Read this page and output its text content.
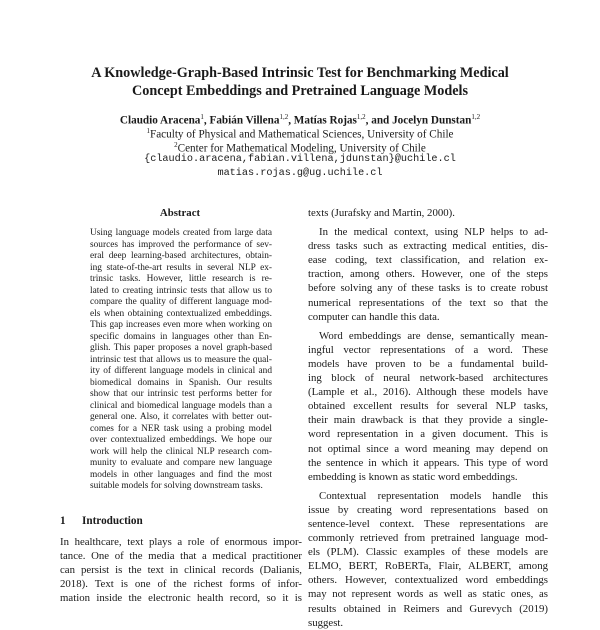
A Knowledge-Graph-Based Intrinsic Test for Benchmarking Medical
Concept Embeddings and Pretrained Language Models
Claudio Aracena$^1$, Fabián Villena$^{1,2}$, Matías Rojas$^{1,2}$, and Jocelyn Dunstan$^{1,2}$
$^1$Faculty of Physical and Mathematical Sciences, University of Chile
$^2$Center for Mathematical Modeling, University of Chile
{claudio.aracena,fabian.villena,jdunstan}@uchile.cl
matias.rojas.g@ug.uchile.cl
Abstract
Using language models created from large data
sources has improved the performance of sev-
eral deep learning-based architectures, obtain-
ing state-of-the-art results in several NLP ex-
trinsic tasks. However, little research is re-
lated to creating intrinsic tests that allow us to
compare the quality of different language mod-
els when obtaining contextualized embeddings.
This gap increases even more when working on
specific domains in languages other than En-
glish. This paper proposes a novel graph-based
intrinsic test that allows us to measure the qual-
ity of different language models in clinical and
biomedical domains in Spanish. Our results
show that our intrinsic test performs better for
clinical and biomedical language models than a
general one. Also, it correlates with better out-
comes for a NER task using a probing model
over contextualized embeddings. We hope our
work will help the clinical NLP research com-
munity to evaluate and compare new language
models in other languages and find the most
suitable models for solving downstream tasks.
1 Introduction
In healthcare, text plays a role of enormous impor-
tance. One of the media that a medical practitioner
can persist is the text in clinical records (Dalianis,
2018). Text is one of the richest forms of infor-
mation inside the electronic health record, so it is
texts (Jurafsky and Martin, 2000).
In the medical context, using NLP helps to ad-
dress tasks such as extracting medical entities, dis-
ease coding, text classification, and relation ex-
traction, among others. However, one of the steps
before solving any of these tasks is to create robust
numerical representations of the text so that the
computer can handle this data.
Word embeddings are dense, semantically mean-
ingful vector representations of a word. These
models have proven to be a fundamental build-
ing block of neural network-based architectures
(Lample et al., 2016). Although these models have
obtained excellent results for several NLP tasks,
their main drawback is that they provide a single-
word representation in a given document. This is
not optimal since a word meaning may depend on
the sentence in which it appears. This type of word
embedding is known as static word embeddings.
Contextual representation models handle this
issue by creating word representations based on
sentence-level context. These representations are
commonly retrieved from pretrained language mod-
els (PLM). Classic examples of these models are
ELMO, BERT, RoBERTa, Flair, ALBERT, among
others. However, contextualized word embeddings
may not represent words as well as static ones, as
results obtained in Reimers and Gurevych (2019)
suggest.
